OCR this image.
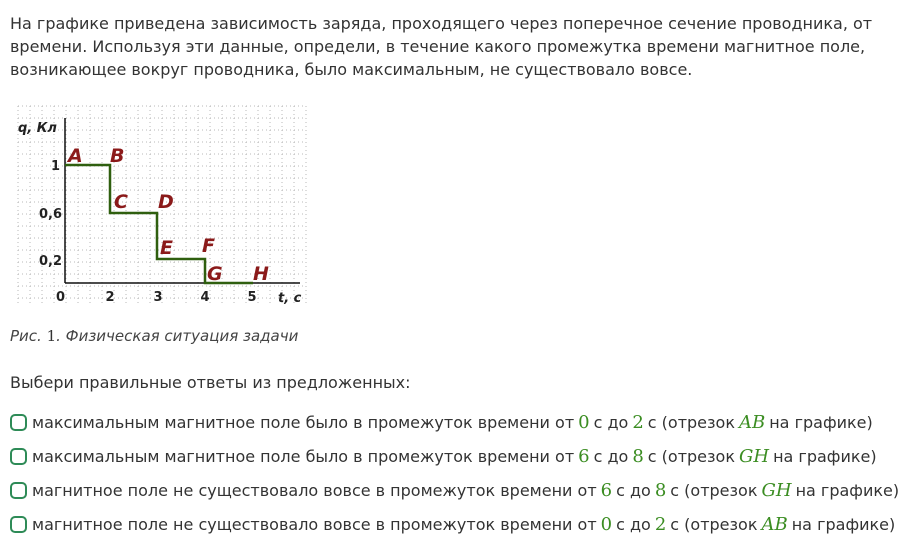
На графике приведена зависимость заряда, проходящего через поперечное сечение проводника, от времени. Используя эти данные, определи, в течение какого промежутка времени магнитное поле, возникающее вокруг проводника, было максимальным, не существовало вовсе.

q, Кл
t, с
0	2	3	4	5
1
0,6
0,2
A B
C D
E F
G H

Рис. 1. Физическая ситуация задачи

Выбери правильные ответы из предложенных:

максимальным магнитное поле было в промежуток времени от 0 с до 2 с (отрезок AB на графике)
максимальным магнитное поле было в промежуток времени от 6 с до 8 с (отрезок GH на графике)
магнитное поле не существовало вовсе в промежуток времени от 6 с до 8 с (отрезок GH на графике)
магнитное поле не существовало вовсе в промежуток времени от 0 с до 2 с (отрезок AB на графике)
